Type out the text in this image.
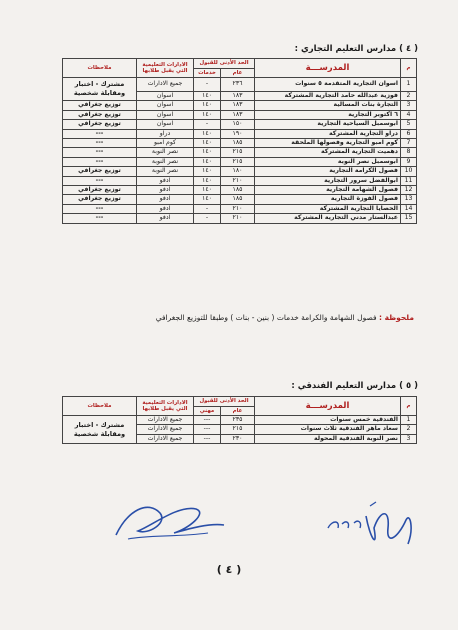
( ٤ ) مدارس التعليم التجاري :
م	المدرســـة	الحد الأدنى للقبول		الادارات التعليمية التي يقبل طلابها	ملاحظات
		عام	خدمات		
1	اسوان التجارية المتقدمة ٥ سنوات	٢٣٦	-	جميع الادارات	مشترك - اختبار ومقابلة شخصية
2	فوزية عبدالله حامد التجارية المشتركة	١٨٣	١٤٠	اسوان	
3	التجارة بنات المسالية	١٨٣	١٤٠	اسوان	توزيع جغرافي
4	٦ اكتوبر التجارية	١٨٣	١٤٠	اسوان	توزيع جغرافي
5	ابوسمبل السياحية التجارية	١٥٠	-	اسوان	توزيع جغرافي
6	دراو التجارية المشتركة	١٩٠	١٤٠	دراو	---
7	كوم امبو التجارية وفصولها الملحقة	١٨٥	١٤٠	كوم امبو	---
8	دهميت التجارية المشتركة	٢١٥	١٤٠	نصر النوبة	---
9	ابوسمبل نصر النوبة	٢١٥	١٤٠	نصر النوبة	---
10	فصول الكرامة التجارية	١٨٠	١٤٠	نصر النوبة	توزيع جغرافي
11	ابوالفضل سرور التجارية	٢١٠	١٤٠	ادفو	---
12	فصول الشهامة التجارية	١٨٥	١٤٠	ادفو	توزيع جغرافي
13	فصول الفوزة التجارية	١٨٥	١٤٠	ادفو	توزيع جغرافي
14	الحصايا التجارية المشتركة	٢١٠	-	ادفو	---
15	عبدالستار مدني التجارية المشتركة	٢١٠	-	ادفو	---
ملحوظة : فصول الشهامة والكرامة خدمات ( بنين - بنات ) وطبقا للتوزيع الجغرافي
( ٥ ) مدارس التعليم الفندقي :
م	المدرســـة	الحد الأدنى للقبول		الادارات التعليمية التي يقبل طلابها	ملاحظات
		عام	مهني		
1	الفندقية خمس سنوات	٢٣٥	---	جميع الادارات	مشترك - اختبار ومقابلة شخصية
2	سعاد ماهر الفندقية ثلاث سنوات	٢١٥	---	جميع الادارات	
3	نصر النوبة الفندقية المحولة	٢٣٠	---	جميع الادارات	
( ٤ )
